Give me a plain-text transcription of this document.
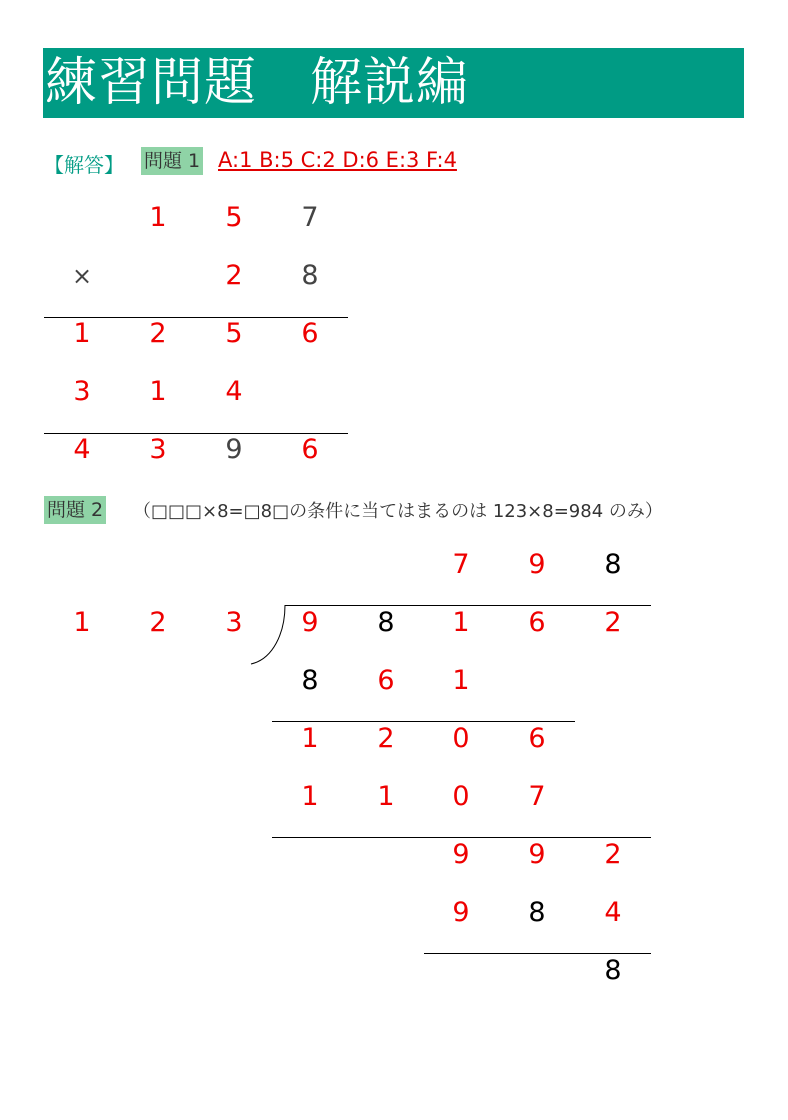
練習問題　解説編
【解答】 問題 1 A:1 B:5 C:2 D:6 E:3 F:4
1 5 7
×	2 8
1 2 5 6
3 1 4
4 3 9 6
問題 2 （□□□×8=□8□の条件に当てはまるのは 123×8=984 のみ）
7 9 8
1 2 3 9 8 1 6 2
8 6 1
1 2 0 6
1 1 0 7
9 9 2
9 8 4
8
